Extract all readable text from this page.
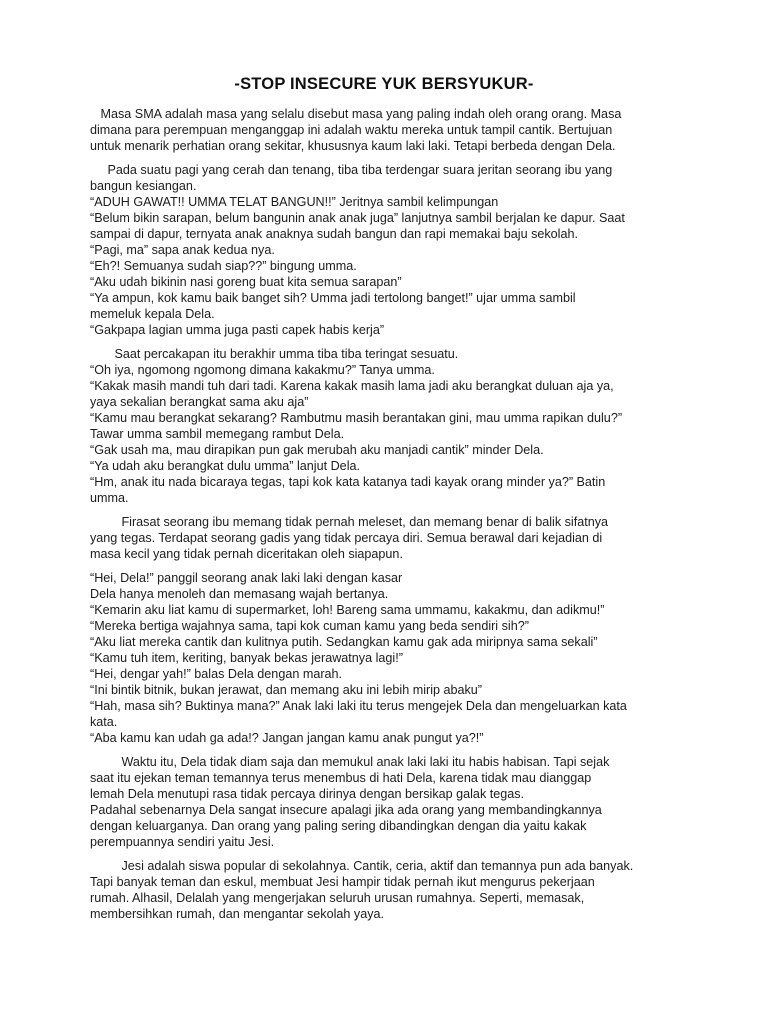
-STOP INSECURE YUK BERSYUKUR-

Masa SMA adalah masa yang selalu disebut masa yang paling indah oleh orang orang. Masa
dimana para perempuan menganggap ini adalah waktu mereka untuk tampil cantik. Bertujuan
untuk menarik perhatian orang sekitar, khususnya kaum laki laki. Tetapi berbeda dengan Dela.

Pada suatu pagi yang cerah dan tenang, tiba tiba terdengar suara jeritan seorang ibu yang
bangun kesiangan.
“ADUH GAWAT!! UMMA TELAT BANGUN!!” Jeritnya sambil kelimpungan
“Belum bikin sarapan, belum bangunin anak anak juga” lanjutnya sambil berjalan ke dapur. Saat
sampai di dapur, ternyata anak anaknya sudah bangun dan rapi memakai baju sekolah.
“Pagi, ma” sapa anak kedua nya.
“Eh?! Semuanya sudah siap??” bingung umma.
“Aku udah bikinin nasi goreng buat kita semua sarapan”
“Ya ampun, kok kamu baik banget sih? Umma jadi tertolong banget!” ujar umma sambil
memeluk kepala Dela.
“Gakpapa lagian umma juga pasti capek habis kerja”

Saat percakapan itu berakhir umma tiba tiba teringat sesuatu.
“Oh iya, ngomong ngomong dimana kakakmu?” Tanya umma.
“Kakak masih mandi tuh dari tadi. Karena kakak masih lama jadi aku berangkat duluan aja ya,
yaya sekalian berangkat sama aku aja”
“Kamu mau berangkat sekarang? Rambutmu masih berantakan gini, mau umma rapikan dulu?”
Tawar umma sambil memegang rambut Dela.
“Gak usah ma, mau dirapikan pun gak merubah aku manjadi cantik” minder Dela.
“Ya udah aku berangkat dulu umma” lanjut Dela.
“Hm, anak itu nada bicaraya tegas, tapi kok kata katanya tadi kayak orang minder ya?” Batin
umma.

Firasat seorang ibu memang tidak pernah meleset, dan memang benar di balik sifatnya
yang tegas. Terdapat seorang gadis yang tidak percaya diri. Semua berawal dari kejadian di
masa kecil yang tidak pernah diceritakan oleh siapapun.

“Hei, Dela!” panggil seorang anak laki laki dengan kasar
Dela hanya menoleh dan memasang wajah bertanya.
“Kemarin aku liat kamu di supermarket, loh! Bareng sama ummamu, kakakmu, dan adikmu!”
“Mereka bertiga wajahnya sama, tapi kok cuman kamu yang beda sendiri sih?”
“Aku liat mereka cantik dan kulitnya putih. Sedangkan kamu gak ada miripnya sama sekali”
“Kamu tuh item, keriting, banyak bekas jerawatnya lagi!”
“Hei, dengar yah!” balas Dela dengan marah.
“Ini bintik bitnik, bukan jerawat, dan memang aku ini lebih mirip abaku”
“Hah, masa sih? Buktinya mana?” Anak laki laki itu terus mengejek Dela dan mengeluarkan kata
kata.
“Aba kamu kan udah ga ada!? Jangan jangan kamu anak pungut ya?!”

Waktu itu, Dela tidak diam saja dan memukul anak laki laki itu habis habisan. Tapi sejak
saat itu ejekan teman temannya terus menembus di hati Dela, karena tidak mau dianggap
lemah Dela menutupi rasa tidak percaya dirinya dengan bersikap galak tegas.
Padahal sebenarnya Dela sangat insecure apalagi jika ada orang yang membandingkannya
dengan keluarganya. Dan orang yang paling sering dibandingkan dengan dia yaitu kakak
perempuannya sendiri yaitu Jesi.

Jesi adalah siswa popular di sekolahnya. Cantik, ceria, aktif dan temannya pun ada banyak.
Tapi banyak teman dan eskul, membuat Jesi hampir tidak pernah ikut mengurus pekerjaan
rumah. Alhasil, Delalah yang mengerjakan seluruh urusan rumahnya. Seperti, memasak,
membersihkan rumah, dan mengantar sekolah yaya.
